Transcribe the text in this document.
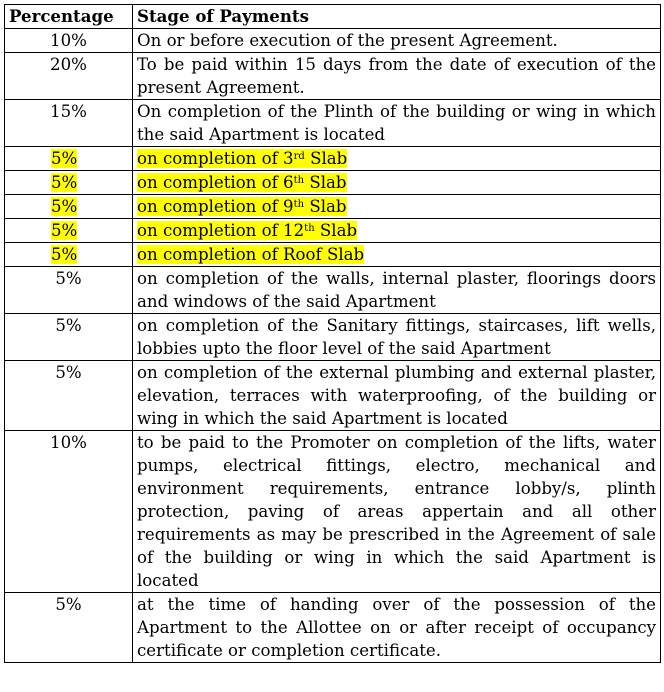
Percentage	Stage of Payments
10%	On or before execution of the present Agreement.
20%	To be paid within 15 days from the date of execution of the present Agreement.
15%	On completion of the Plinth of the building or wing in which the said Apartment is located
5%	on completion of 3rd Slab
5%	on completion of 6th Slab
5%	on completion of 9th Slab
5%	on completion of 12th Slab
5%	on completion of Roof Slab
5%	on completion of the walls, internal plaster, floorings doors and windows of the said Apartment
5%	on completion of the Sanitary fittings, staircases, lift wells, lobbies upto the floor level of the said Apartment
5%	on completion of the external plumbing and external plaster, elevation, terraces with waterproofing, of the building or wing in which the said Apartment is located
10%	to be paid to the Promoter on completion of the lifts, water pumps, electrical fittings, electro, mechanical and environment requirements, entrance lobby/s, plinth protection, paving of areas appertain and all other requirements as may be prescribed in the Agreement of sale of the building or wing in which the said Apartment is located
5%	at the time of handing over of the possession of the Apartment to the Allottee on or after receipt of occupancy certificate or completion certificate.
